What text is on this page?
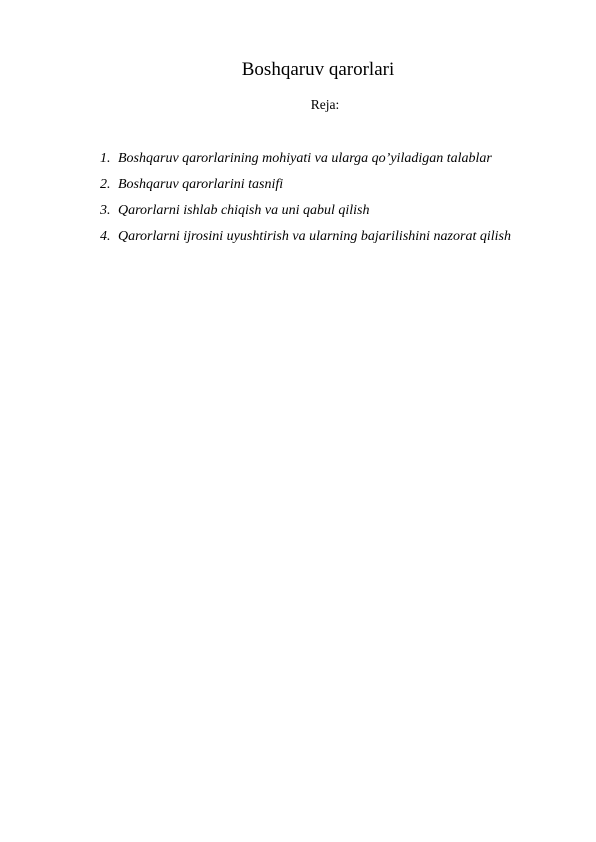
Boshqaruv qarorlari
Reja:
1. Boshqaruv qarorlarining mohiyati va ularga qo’yiladigan talablar
2. Boshqaruv qarorlarini tasnifi
3. Qarorlarni ishlab chiqish va uni qabul qilish
4. Qarorlarni ijrosini uyushtirish va ularning bajarilishini nazorat qilish
